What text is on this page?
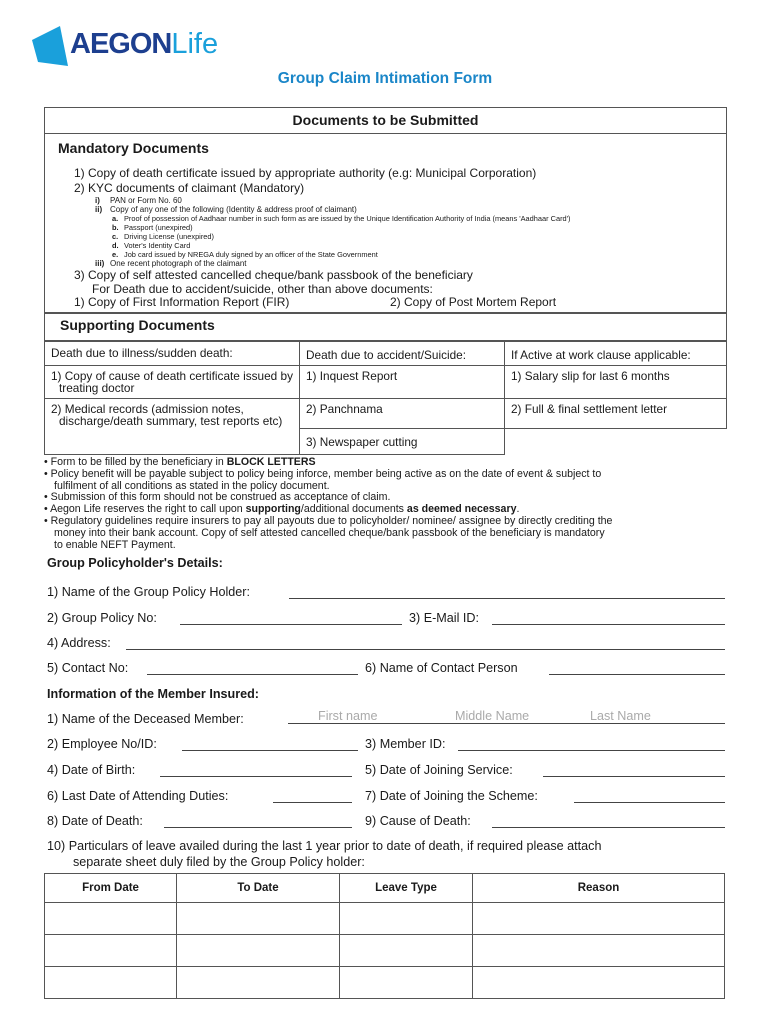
AEGONLife
Group Claim Intimation Form
Documents to be Submitted
Mandatory Documents
1) Copy of death certificate issued by appropriate authority (e.g: Municipal Corporation)
2) KYC documents of claimant (Mandatory)
i) PAN or Form No. 60
ii) Copy of any one of the following (Identity & address proof of claimant)
a. Proof of possession of Aadhaar number in such form as are issued by the Unique Identification Authority of India (means 'Aadhaar Card')
b. Passport (unexpired)
c. Driving License (unexpired)
d. Voter's Identity Card
e. Job card issued by NREGA duly signed by an officer of the State Government
iii) One recent photograph of the claimant
3) Copy of self attested cancelled cheque/bank passbook of the beneficiary
For Death due to accident/suicide, other than above documents:
1) Copy of First Information Report (FIR)	2) Copy of Post Mortem Report
Supporting Documents
Death due to illness/sudden death:	Death due to accident/Suicide:	If Active at work clause applicable:
1) Copy of cause of death certificate issued by treating doctor	1) Inquest Report	1) Salary slip for last 6 months
2) Medical records (admission notes, discharge/death summary, test reports etc)	2) Panchnama	2) Full & final settlement letter
	3) Newspaper cutting	
• Form to be filled by the beneficiary in BLOCK LETTERS
• Policy benefit will be payable subject to policy being inforce, member being active as on the date of event & subject to
fulfilment of all conditions as stated in the policy document.
• Submission of this form should not be construed as acceptance of claim.
• Aegon Life reserves the right to call upon supporting/additional documents as deemed necessary.
• Regulatory guidelines require insurers to pay all payouts due to policyholder/ nominee/ assignee by directly crediting the
money into their bank account. Copy of self attested cancelled cheque/bank passbook of the beneficiary is mandatory
to enable NEFT Payment.
Group Policyholder's Details:
1) Name of the Group Policy Holder:
2) Group Policy No:	3) E-Mail ID:
4) Address:
5) Contact No:	6) Name of Contact Person
Information of the Member Insured:
1) Name of the Deceased Member:	First name	Middle Name	Last Name
2) Employee No/ID:	3) Member ID:
4) Date of Birth:	5) Date of Joining Service:
6) Last Date of Attending Duties:	7) Date of Joining the Scheme:
8) Date of Death:	9) Cause of Death:
10) Particulars of leave availed during the last 1 year prior to date of death, if required please attach
separate sheet duly filed by the Group Policy holder:
From Date	To Date	Leave Type	Reason
